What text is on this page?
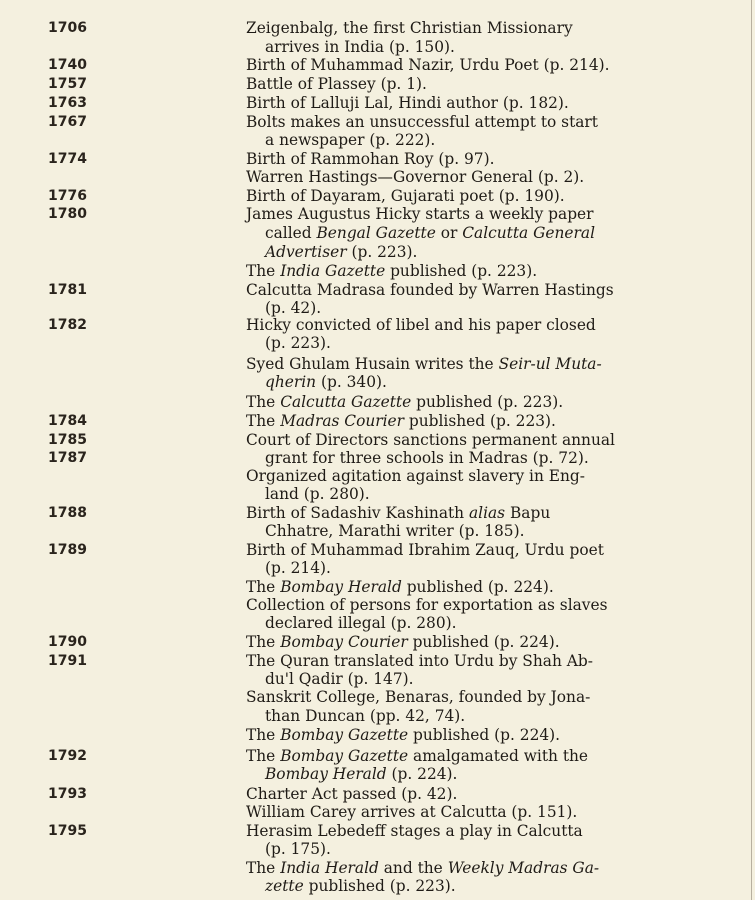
1706
1740
1757
1763
1767
1774
1776
1780
1781
1782
1784
1785
1787
1788
1789
1790
1791
1792
1793
1795
Zeigenbalg, the first Christian Missionary
arrives in India (p. 150).
Birth of Muhammad Nazir, Urdu Poet (p. 214).
Battle of Plassey (p. 1).
Birth of Lalluji Lal, Hindi author (p. 182).
Bolts makes an unsuccessful attempt to start
a newspaper (p. 222).
Birth of Rammohan Roy (p. 97).
Warren Hastings—Governor General (p. 2).
Birth of Dayaram, Gujarati poet (p. 190).
James Augustus Hicky starts a weekly paper
called Bengal Gazette or Calcutta General
Advertiser (p. 223).
The India Gazette published (p. 223).
Calcutta Madrasa founded by Warren Hastings
(p. 42).
Hicky convicted of libel and his paper closed
(p. 223).
Syed Ghulam Husain writes the Seir-ul Muta-
qherin (p. 340).
The Calcutta Gazette published (p. 223).
The Madras Courier published (p. 223).
Court of Directors sanctions permanent annual
grant for three schools in Madras (p. 72).
Organized agitation against slavery in Eng-
land (p. 280).
Birth of Sadashiv Kashinath alias Bapu
Chhatre, Marathi writer (p. 185).
Birth of Muhammad Ibrahim Zauq, Urdu poet
(p. 214).
The Bombay Herald published (p. 224).
Collection of persons for exportation as slaves
declared illegal (p. 280).
The Bombay Courier published (p. 224).
The Quran translated into Urdu by Shah Ab-
du'l Qadir (p. 147).
Sanskrit College, Benaras, founded by Jona-
than Duncan (pp. 42, 74).
The Bombay Gazette published (p. 224).
The Bombay Gazette amalgamated with the
Bombay Herald (p. 224).
Charter Act passed (p. 42).
William Carey arrives at Calcutta (p. 151).
Herasim Lebedeff stages a play in Calcutta
(p. 175).
The India Herald and the Weekly Madras Ga-
zette published (p. 223).
